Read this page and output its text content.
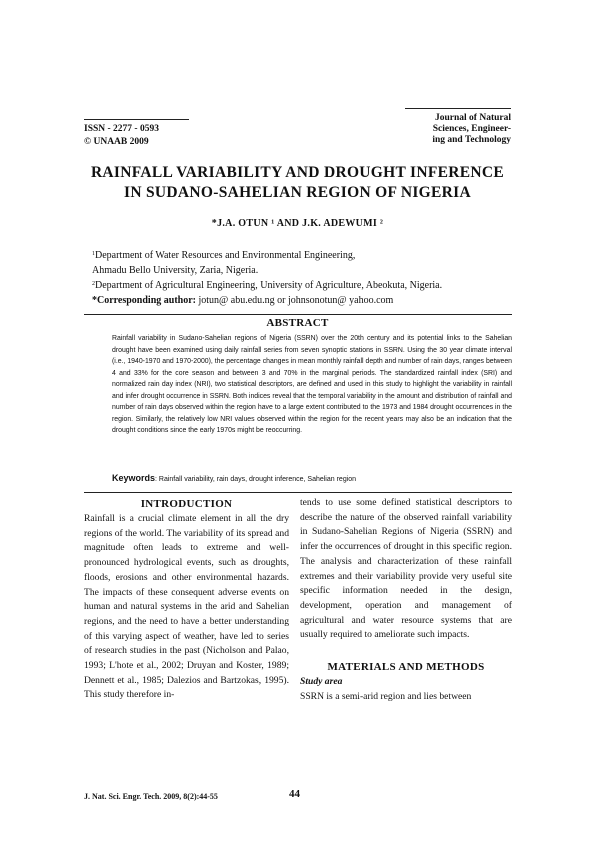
ISSN - 2277 - 0593
© UNAAB 2009
Journal of Natural
Sciences, Engineer-
ing and Technology
RAINFALL VARIABILITY AND DROUGHT INFERENCE
IN SUDANO-SAHELIAN REGION OF NIGERIA
*J.A. OTUN ¹ AND J.K. ADEWUMI ²
$^1$Department of Water Resources and Environmental Engineering,
Ahmadu Bello University, Zaria, Nigeria.
$^2$Department of Agricultural Engineering, University of Agriculture, Abeokuta, Nigeria.
*Corresponding author: jotun@ abu.edu.ng or johnsonotun@ yahoo.com
ABSTRACT
Rainfall variability in Sudano-Sahelian regions of Nigeria (SSRN) over the 20th century and its potential links to the Sahelian drought have been examined using daily rainfall series from seven synoptic stations in SSRN. Using the 30 year climate interval (i.e., 1940-1970 and 1970-2000), the percentage changes in mean monthly rainfall depth and number of rain days, ranges between 4 and 33% for the core season and between 3 and 70% in the marginal periods. The standardized rainfall index (SRI) and normalized rain day index (NRI), two statistical descriptors, are defined and used in this study to highlight the variability in rainfall and infer drought occurrence in SSRN. Both indices reveal that the temporal variability in the amount and distribution of rainfall and number of rain days observed within the region have to a large extent contributed to the 1973 and 1984 drought occurrences in the region. Similarly, the relatively low NRI values observed within the region for the recent years may also be an indication that the drought conditions since the early 1970s might be reoccurring.
Keywords: Rainfall variability, rain days, drought inference, Sahelian region
INTRODUCTION
Rainfall is a crucial climate element in all the dry regions of the world. The variability of its spread and magnitude often leads to extreme and well-pronounced hydrological events, such as droughts, floods, erosions and other environmental hazards. The impacts of these consequent adverse events on human and natural systems in the arid and Sahelian regions, and the need to have a better understanding of this varying aspect of weather, have led to series of research studies in the past (Nicholson and Palao, 1993; L'hote et al., 2002; Druyan and Koster, 1989; Dennett et al., 1985; Dalezios and Bartzokas, 1995). This study therefore in-
tends to use some defined statistical descriptors to describe the nature of the observed rainfall variability in Sudano-Sahelian Regions of Nigeria (SSRN) and infer the occurrences of drought in this specific region. The analysis and characterization of these rainfall extremes and their variability provide very useful site specific information needed in the design, development, operation and management of agricultural and water resource systems that are usually required to ameliorate such impacts.
MATERIALS AND METHODS
Study area
SSRN is a semi-arid region and lies between
J. Nat. Sci. Engr. Tech. 2009, 8(2):44-55	44
